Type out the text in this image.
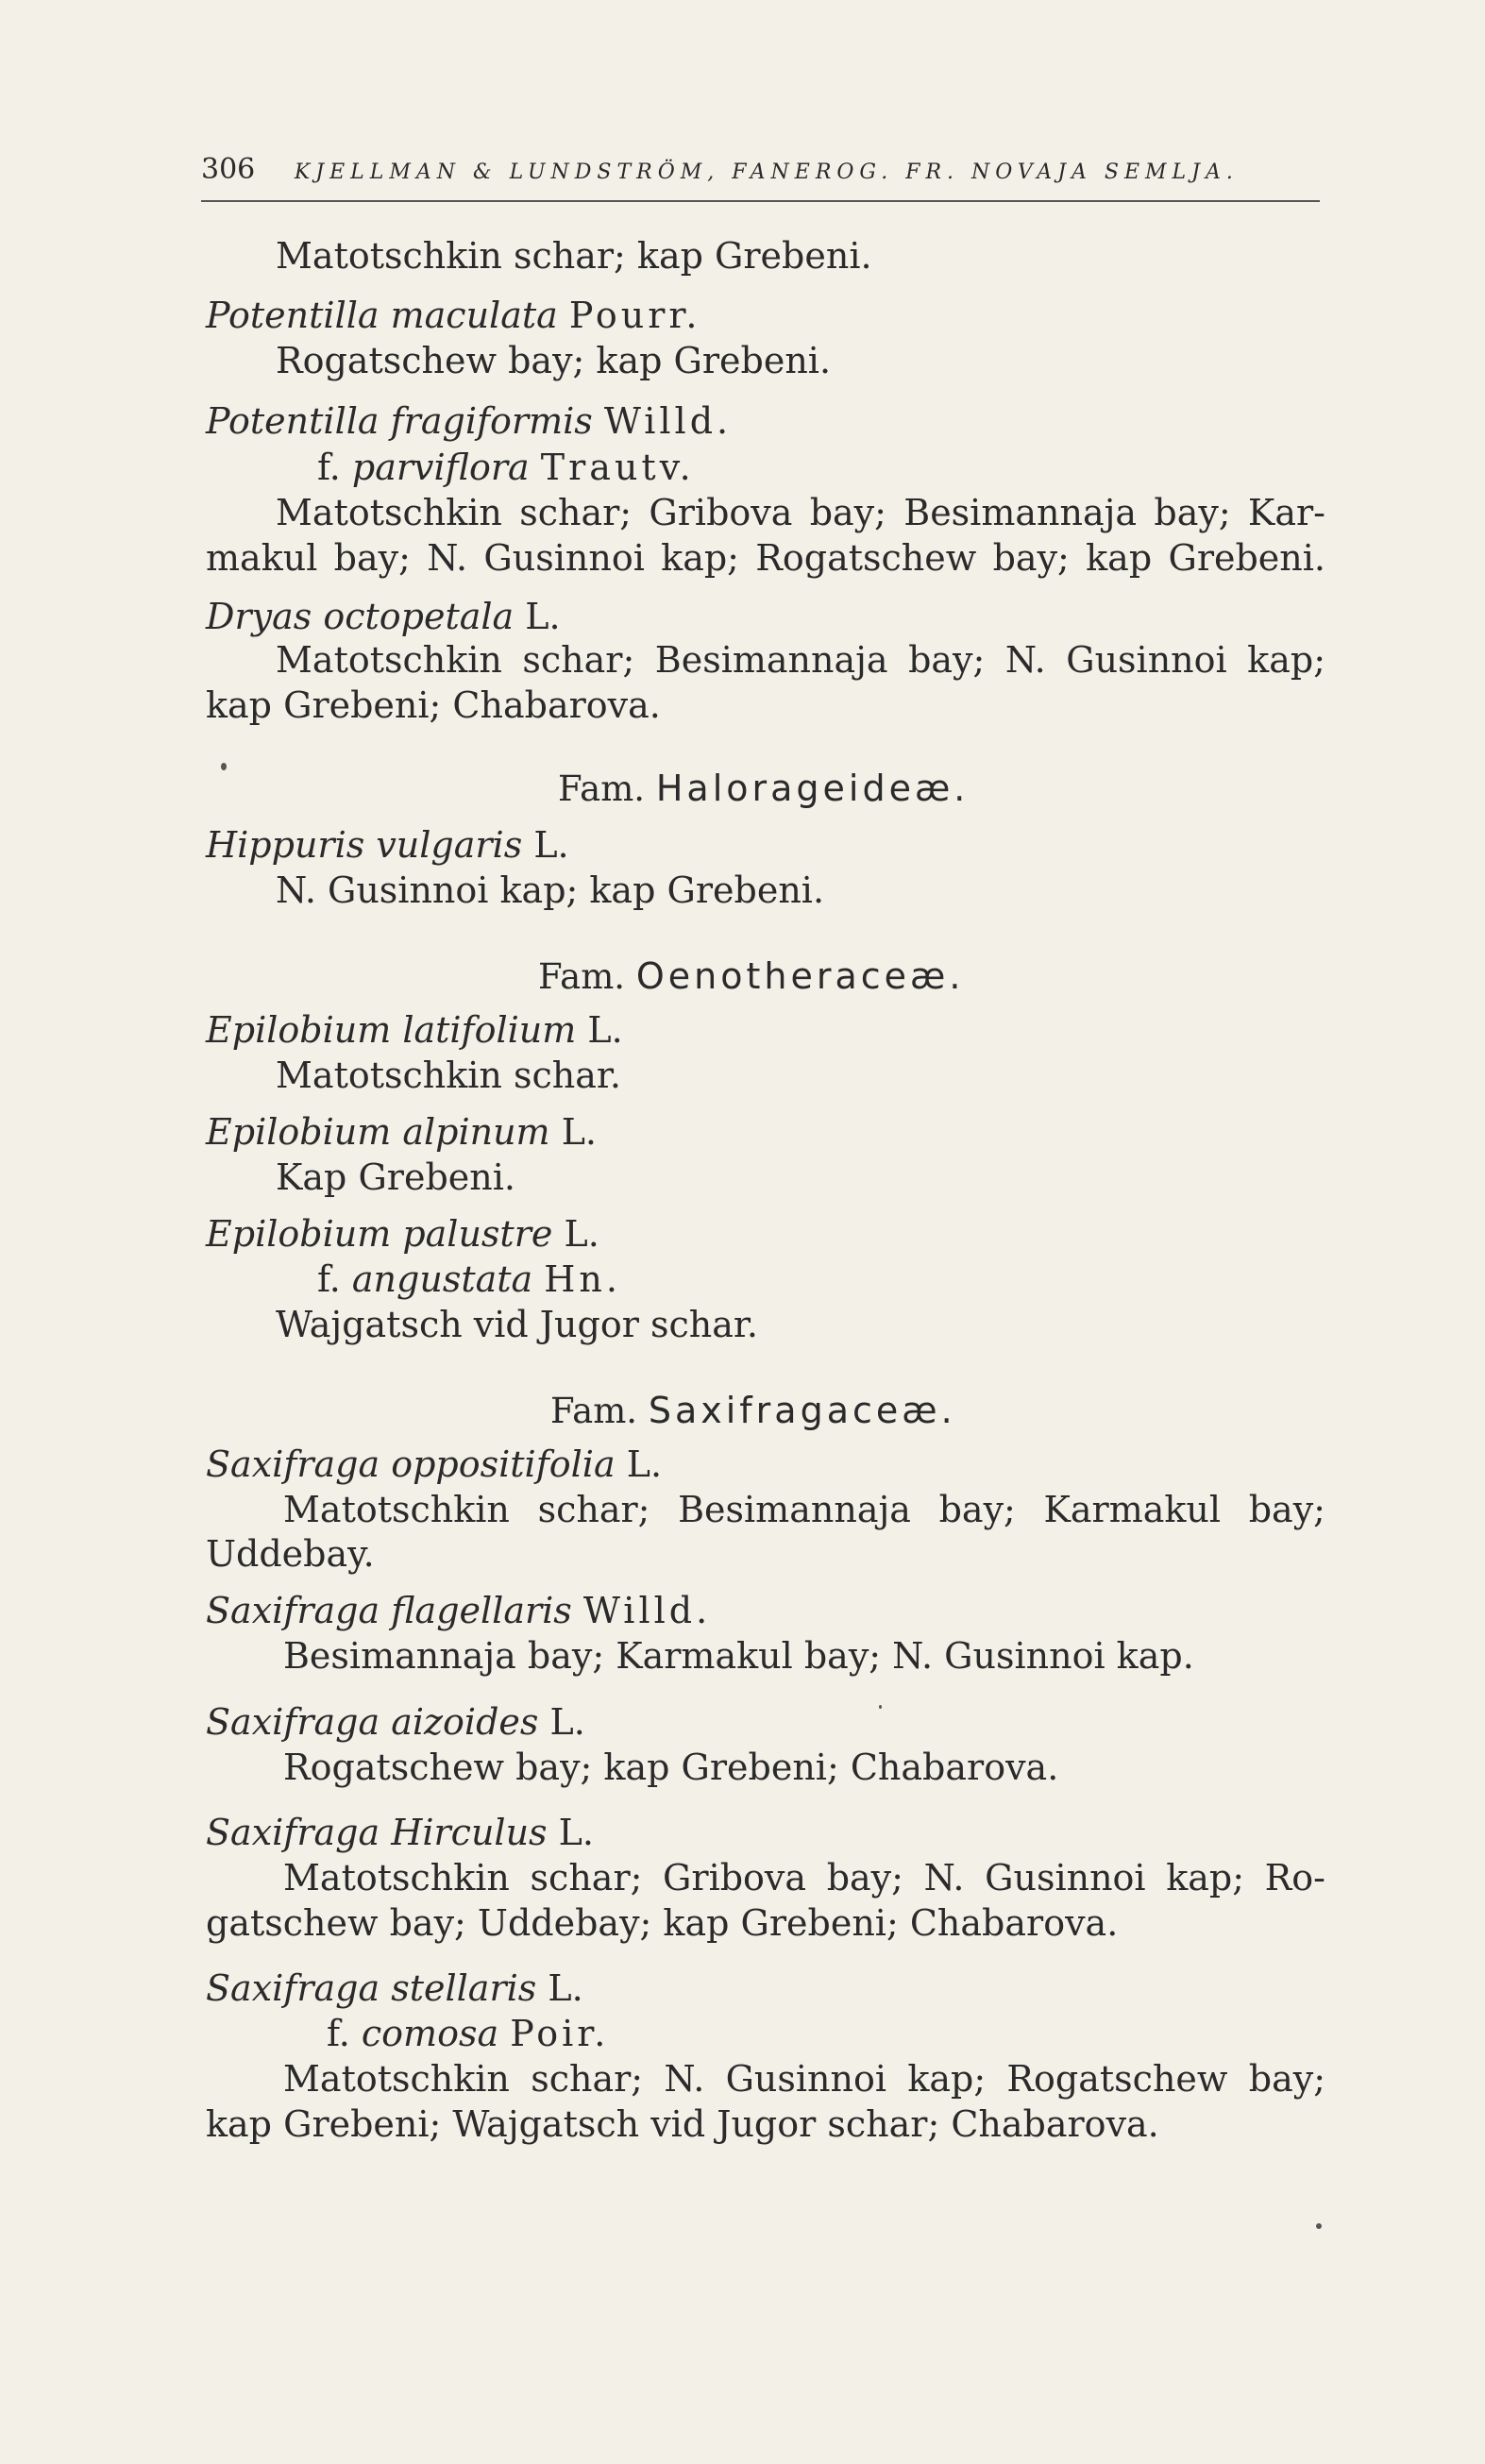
306 KJELLMAN & LUNDSTRÖM, FANEROG. FR. NOVAJA SEMLJA.
Matotschkin schar; kap Grebeni.
Potentilla maculata Pourr.
Rogatschew bay; kap Grebeni.
Potentilla fragiformis Willd.
f. parviflora Trautv.
Matotschkin schar; Gribova bay; Besimannaja bay; Kar-
makul bay; N. Gusinnoi kap; Rogatschew bay; kap Grebeni.
Dryas octopetala L.
Matotschkin schar; Besimannaja bay; N. Gusinnoi kap;
kap Grebeni; Chabarova.
Fam. Halorageideæ.
Hippuris vulgaris L.
N. Gusinnoi kap; kap Grebeni.
Fam. Oenotheraceæ.
Epilobium latifolium L.
Matotschkin schar.
Epilobium alpinum L.
Kap Grebeni.
Epilobium palustre L.
f. angustata Hn.
Wajgatsch vid Jugor schar.
Fam. Saxifragaceæ.
Saxifraga oppositifolia L.
Matotschkin schar; Besimannaja bay; Karmakul bay;
Uddebay.
Saxifraga flagellaris Willd.
Besimannaja bay; Karmakul bay; N. Gusinnoi kap.
Saxifraga aizoides L.
Rogatschew bay; kap Grebeni; Chabarova.
Saxifraga Hirculus L.
Matotschkin schar; Gribova bay; N. Gusinnoi kap; Ro-
gatschew bay; Uddebay; kap Grebeni; Chabarova.
Saxifraga stellaris L.
f. comosa Poir.
Matotschkin schar; N. Gusinnoi kap; Rogatschew bay;
kap Grebeni; Wajgatsch vid Jugor schar; Chabarova.
